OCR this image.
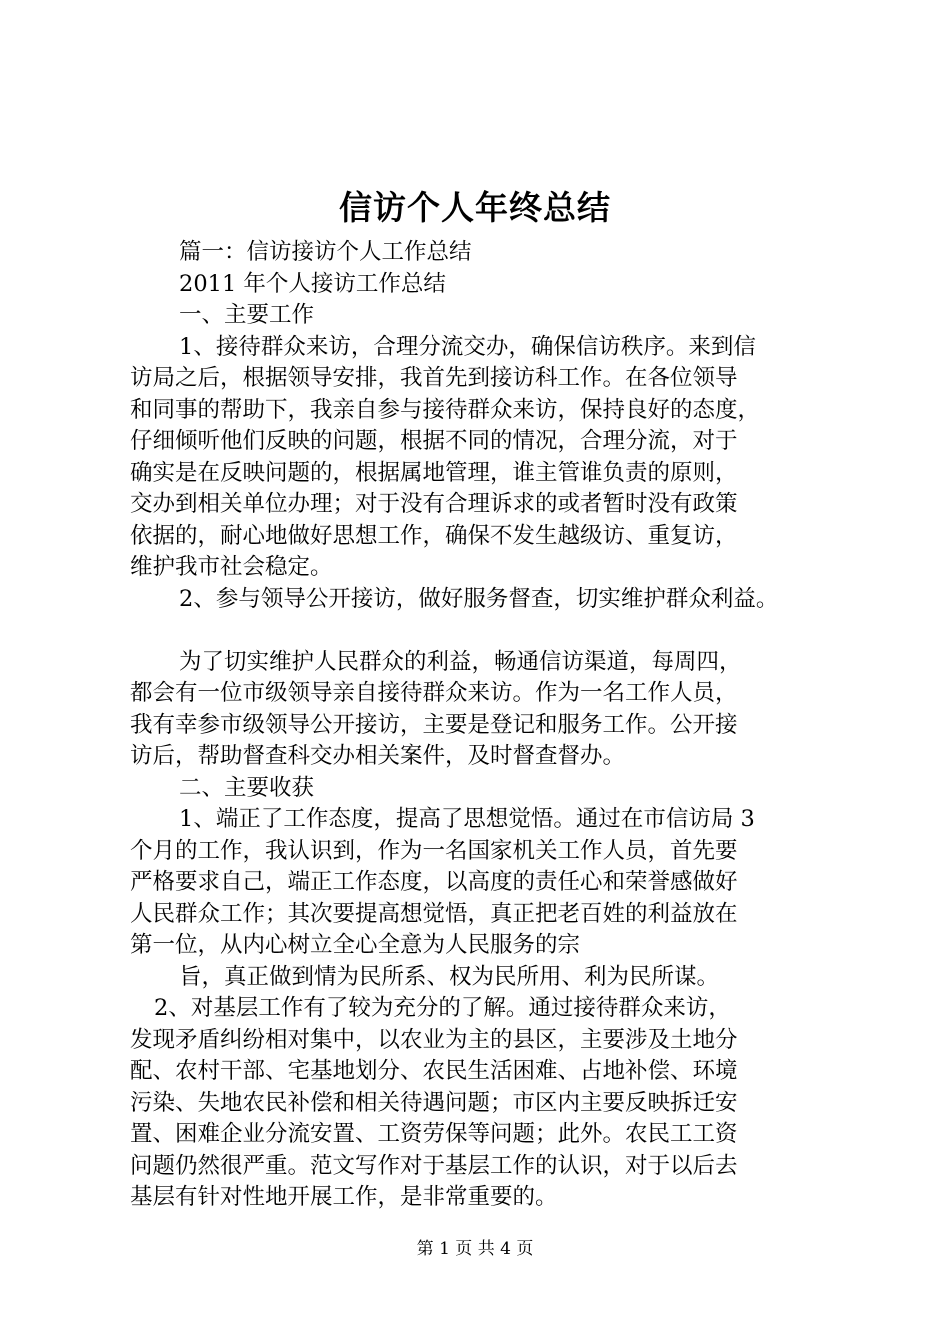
信访个人年终总结
篇一：信访接访个人工作总结
2011 年个人接访工作总结
一、主要工作
1、接待群众来访，合理分流交办，确保信访秩序。来到信
访局之后，根据领导安排，我首先到接访科工作。在各位领导
和同事的帮助下，我亲自参与接待群众来访，保持良好的态度，
仔细倾听他们反映的问题，根据不同的情况，合理分流，对于
确实是在反映问题的，根据属地管理，谁主管谁负责的原则，
交办到相关单位办理；对于没有合理诉求的或者暂时没有政策
依据的，耐心地做好思想工作，确保不发生越级访、重复访，
维护我市社会稳定。
2、参与领导公开接访，做好服务督查，切实维护群众利益。
为了切实维护人民群众的利益，畅通信访渠道，每周四，
都会有一位市级领导亲自接待群众来访。作为一名工作人员，
我有幸参市级领导公开接访，主要是登记和服务工作。公开接
访后，帮助督查科交办相关案件，及时督查督办。
二、主要收获
1、端正了工作态度，提高了思想觉悟。通过在市信访局 3
个月的工作，我认识到，作为一名国家机关工作人员，首先要
严格要求自己，端正工作态度，以高度的责任心和荣誉感做好
人民群众工作；其次要提高想觉悟，真正把老百姓的利益放在
第一位，从内心树立全心全意为人民服务的宗
旨，真正做到情为民所系、权为民所用、利为民所谋。
2、对基层工作有了较为充分的了解。通过接待群众来访，
发现矛盾纠纷相对集中，以农业为主的县区，主要涉及土地分
配、农村干部、宅基地划分、农民生活困难、占地补偿、环境
污染、失地农民补偿和相关待遇问题；市区内主要反映拆迁安
置、困难企业分流安置、工资劳保等问题；此外。农民工工资
问题仍然很严重。范文写作对于基层工作的认识，对于以后去
基层有针对性地开展工作，是非常重要的。
第 1 页 共 4 页
